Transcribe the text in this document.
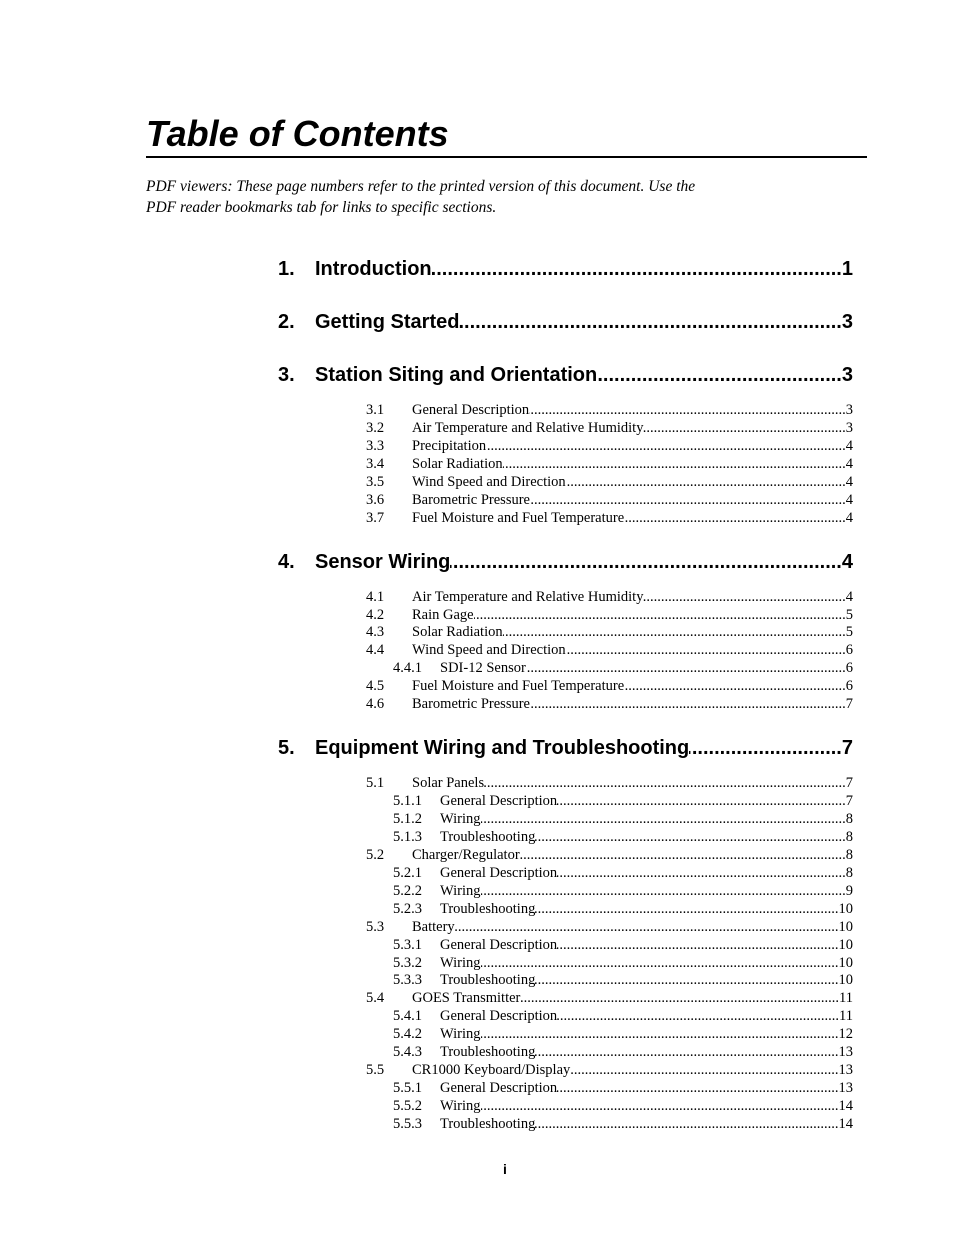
Table of Contents
PDF viewers: These page numbers refer to the printed version of this document. Use the
PDF reader bookmarks tab for links to specific sections.
1.	Introduction .....	1
2.	Getting Started .....	3
3.	Station Siting and Orientation .....	3
3.1	General Description .....	3
3.2	Air Temperature and Relative Humidity .....	3
3.3	Precipitation .....	4
3.4	Solar Radiation .....	4
3.5	Wind Speed and Direction .....	4
3.6	Barometric Pressure .....	4
3.7	Fuel Moisture and Fuel Temperature .....	4
4.	Sensor Wiring .....	4
4.1	Air Temperature and Relative Humidity .....	4
4.2	Rain Gage .....	5
4.3	Solar Radiation .....	5
4.4	Wind Speed and Direction .....	6
4.4.1	SDI-12 Sensor .....	6
4.5	Fuel Moisture and Fuel Temperature .....	6
4.6	Barometric Pressure .....	7
5.	Equipment Wiring and Troubleshooting .....	7
5.1	Solar Panels .....	7
5.1.1	General Description .....	7
5.1.2	Wiring .....	8
5.1.3	Troubleshooting .....	8
5.2	Charger/Regulator .....	8
5.2.1	General Description .....	8
5.2.2	Wiring .....	9
5.2.3	Troubleshooting .....	10
5.3	Battery .....	10
5.3.1	General Description .....	10
5.3.2	Wiring .....	10
5.3.3	Troubleshooting .....	10
5.4	GOES Transmitter .....	11
5.4.1	General Description .....	11
5.4.2	Wiring .....	12
5.4.3	Troubleshooting .....	13
5.5	CR1000 Keyboard/Display .....	13
5.5.1	General Description .....	13
5.5.2	Wiring .....	14
5.5.3	Troubleshooting .....	14
i
